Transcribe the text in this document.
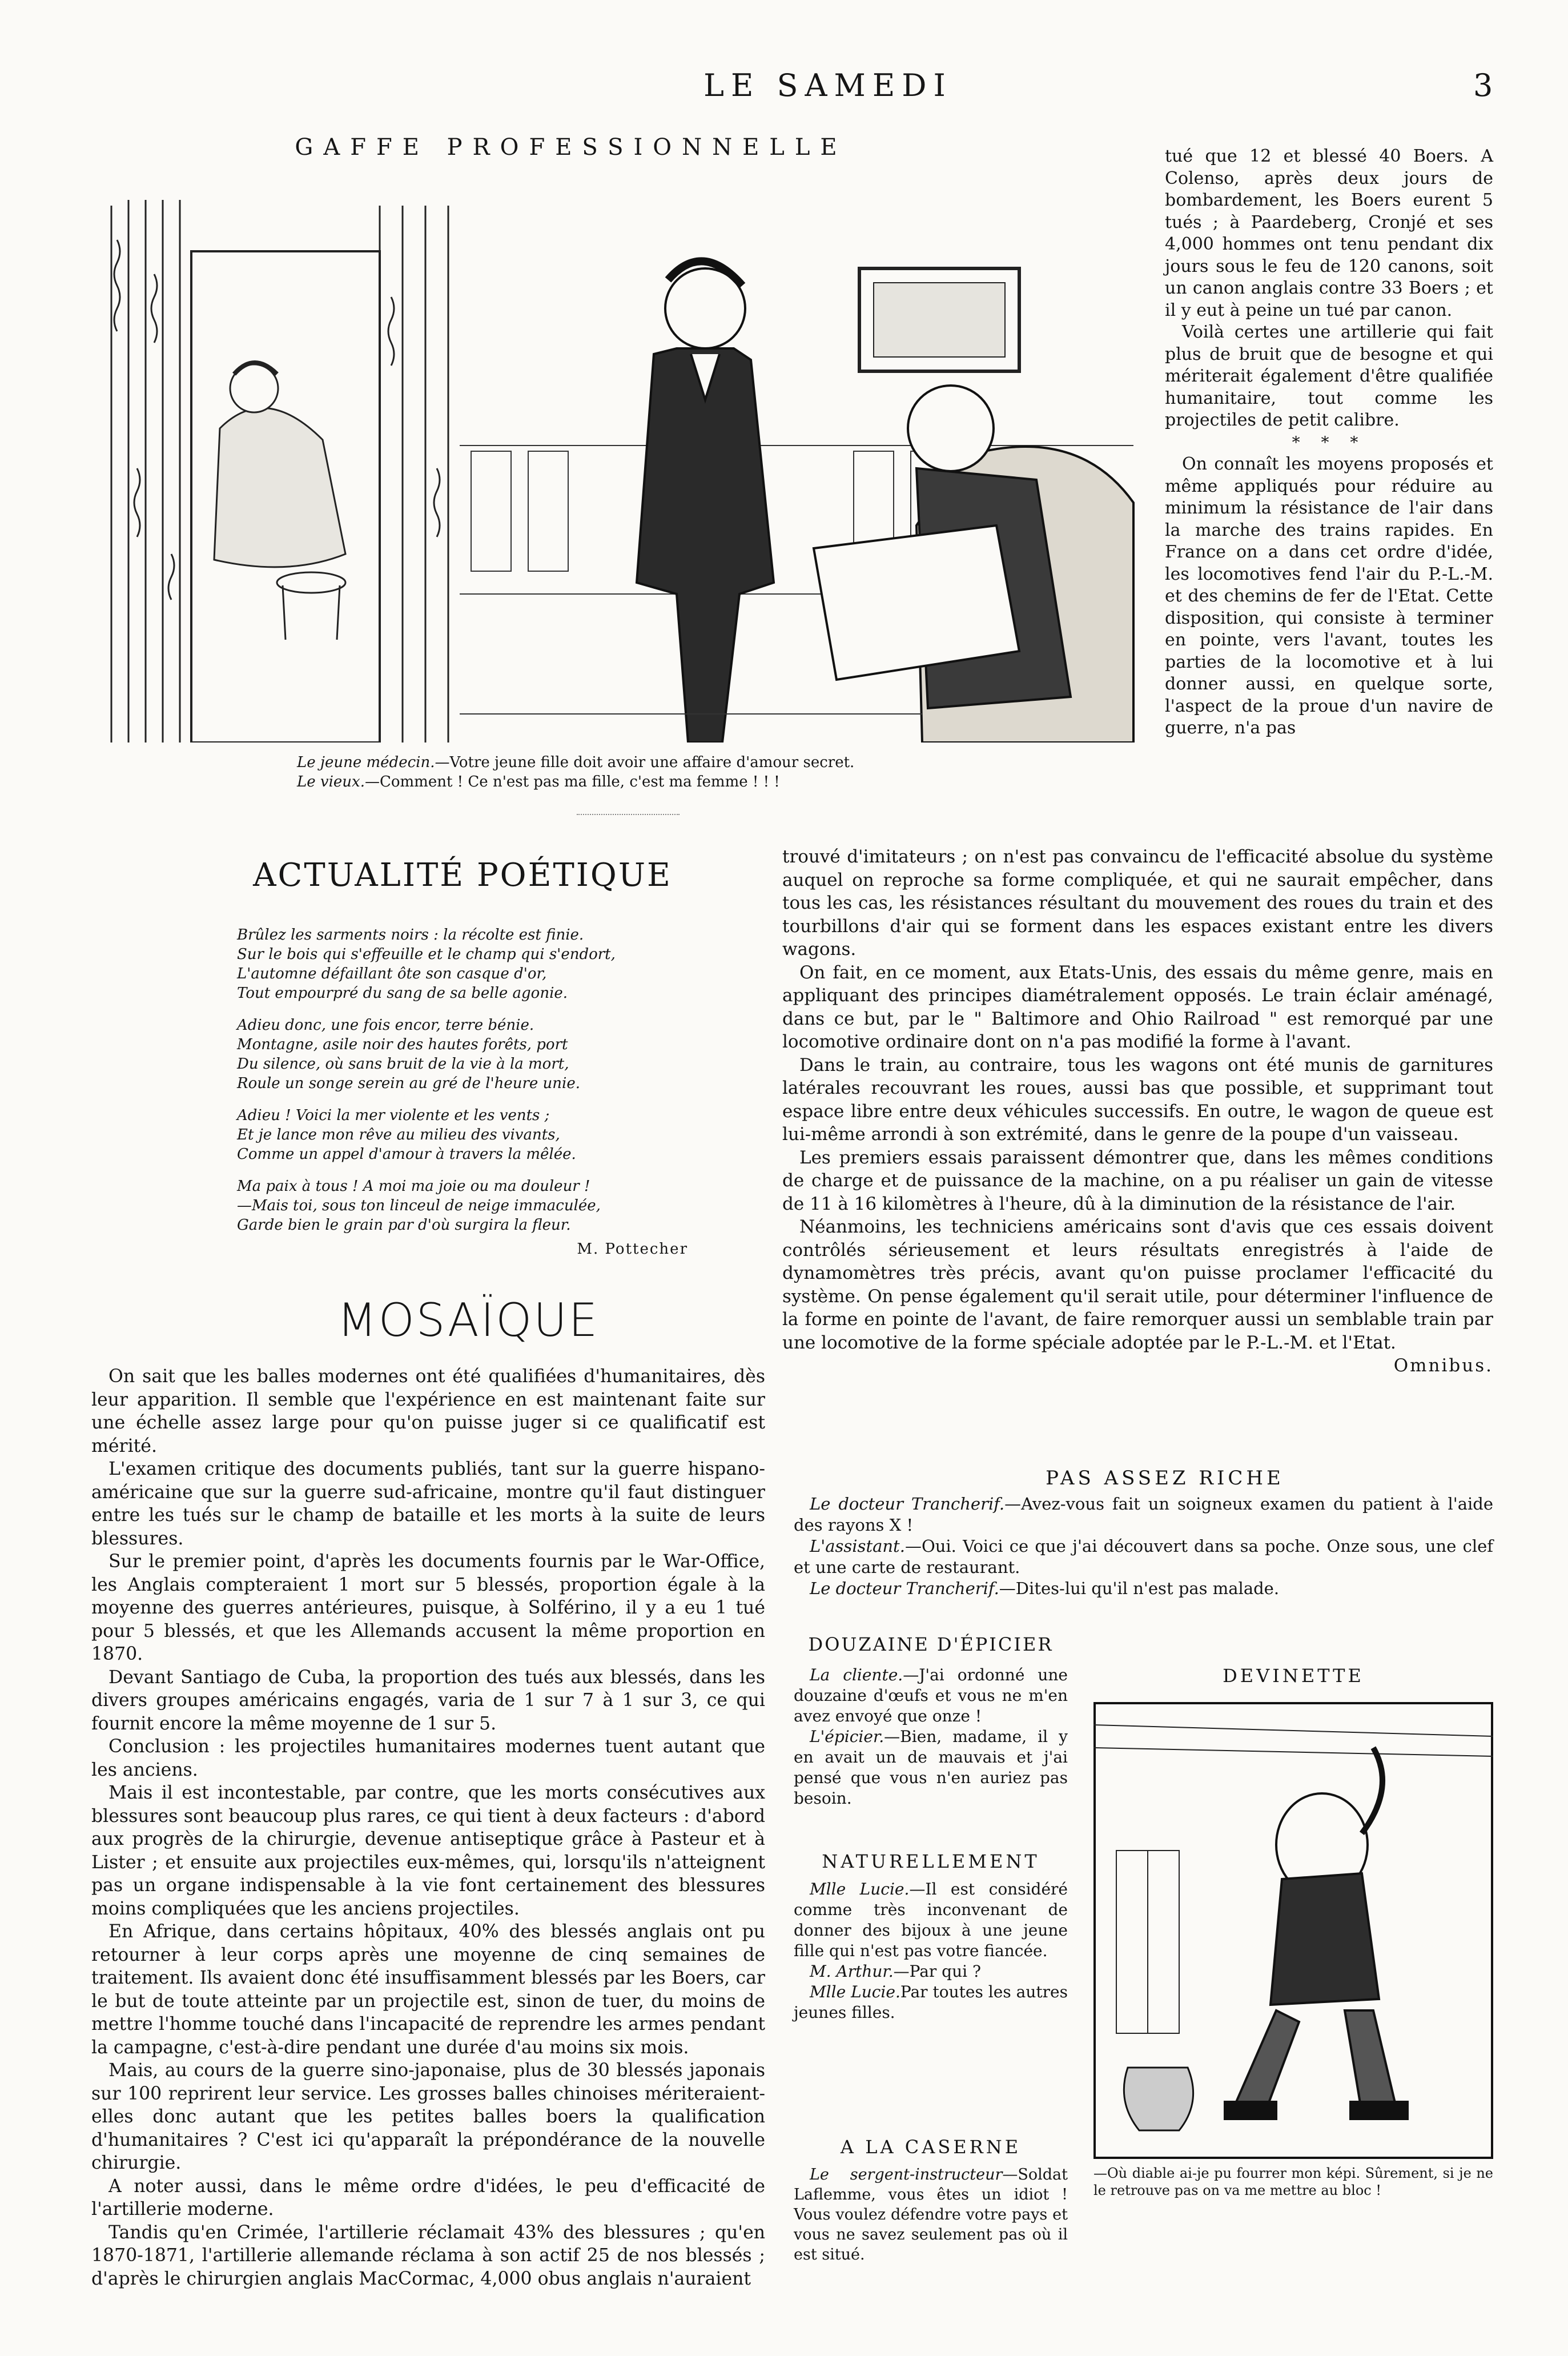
LE SAMEDI	3
GAFFE PROFESSIONNELLE
Le jeune médecin.—Votre jeune fille doit avoir une affaire d'amour secret.
Le vieux.—Comment ! Ce n'est pas ma fille, c'est ma femme ! ! !

tué que 12 et blessé 40 Boers. A Colenso, après deux jours de bombardement, les Boers eurent 5 tués ; à Paardeberg, Cronjé et ses 4,000 hommes ont tenu pendant dix jours sous le feu de 120 canons, soit un canon anglais contre 33 Boers ; et il y eut à peine un tué par canon.

Voilà certes une artillerie qui fait plus de bruit que de besogne et qui mériterait également d'être qualifiée humanitaire, tout comme les projectiles de petit calibre.

* * *

On connaît les moyens proposés et même appliqués pour réduire au minimum la résistance de l'air dans la marche des trains rapides. En France on a dans cet ordre d'idée, les locomotives fend l'air du P.-L.-M. et des chemins de fer de l'Etat. Cette disposition, qui consiste à terminer en pointe, vers l'avant, toutes les parties de la locomotive et à lui donner aussi, en quelque sorte, l'aspect de la proue d'un navire de guerre, n'a pas

trouvé d'imitateurs ; on n'est pas convaincu de l'efficacité absolue du système auquel on reproche sa forme compliquée, et qui ne saurait empêcher, dans tous les cas, les résistances résultant du mouvement des roues du train et des tourbillons d'air qui se forment dans les espaces existant entre les divers wagons.

On fait, en ce moment, aux Etats-Unis, des essais du même genre, mais en appliquant des principes diamétralement opposés. Le train éclair aménagé, dans ce but, par le " Baltimore and Ohio Railroad " est remorqué par une locomotive ordinaire dont on n'a pas modifié la forme à l'avant.

Dans le train, au contraire, tous les wagons ont été munis de garnitures latérales recouvrant les roues, aussi bas que possible, et supprimant tout espace libre entre deux véhicules successifs. En outre, le wagon de queue est lui-même arrondi à son extrémité, dans le genre de la poupe d'un vaisseau.

Les premiers essais paraissent démontrer que, dans les mêmes conditions de charge et de puissance de la machine, on a pu réaliser un gain de vitesse de 11 à 16 kilomètres à l'heure, dû à la diminution de la résistance de l'air.

Néanmoins, les techniciens américains sont d'avis que ces essais doivent contrôlés sérieusement et leurs résultats enregistrés à l'aide de dynamomètres très précis, avant qu'on puisse proclamer l'efficacité du système. On pense également qu'il serait utile, pour déterminer l'influence de la forme en pointe de l'avant, de faire remorquer aussi un semblable train par une locomotive de la forme spéciale adoptée par le P.-L.-M. et l'Etat.

Omnibus.
ACTUALITÉ POÉTIQUE
Brûlez les sarments noirs : la récolte est finie.
Sur le bois qui s'effeuille et le champ qui s'endort,
L'automne défaillant ôte son casque d'or,
Tout empourpré du sang de sa belle agonie.
Adieu donc, une fois encor, terre bénie.
Montagne, asile noir des hautes forêts, port
Du silence, où sans bruit de la vie à la mort,
Roule un songe serein au gré de l'heure unie.
Adieu ! Voici la mer violente et les vents ;
Et je lance mon rêve au milieu des vivants,
Comme un appel d'amour à travers la mêlée.
Ma paix à tous ! A moi ma joie ou ma douleur !
—Mais toi, sous ton linceul de neige immaculée,
Garde bien le grain par d'où surgira la fleur.
M. Pottecher
MOSAÏQUE

On sait que les balles modernes ont été qualifiées d'humanitaires, dès leur apparition. Il semble que l'expérience en est maintenant faite sur une échelle assez large pour qu'on puisse juger si ce qualificatif est mérité.

L'examen critique des documents publiés, tant sur la guerre hispano-américaine que sur la guerre sud-africaine, montre qu'il faut distinguer entre les tués sur le champ de bataille et les morts à la suite de leurs blessures.

Sur le premier point, d'après les documents fournis par le War-Office, les Anglais compteraient 1 mort sur 5 blessés, proportion égale à la moyenne des guerres antérieures, puisque, à Solférino, il y a eu 1 tué pour 5 blessés, et que les Allemands accusent la même proportion en 1870.

Devant Santiago de Cuba, la proportion des tués aux blessés, dans les divers groupes américains engagés, varia de 1 sur 7 à 1 sur 3, ce qui fournit encore la même moyenne de 1 sur 5.

Conclusion : les projectiles humanitaires modernes tuent autant que les anciens.

Mais il est incontestable, par contre, que les morts consécutives aux blessures sont beaucoup plus rares, ce qui tient à deux facteurs : d'abord aux progrès de la chirurgie, devenue antiseptique grâce à Pasteur et à Lister ; et ensuite aux projectiles eux-mêmes, qui, lorsqu'ils n'atteignent pas un organe indispensable à la vie font certainement des blessures moins compliquées que les anciens projectiles.

En Afrique, dans certains hôpitaux, 40% des blessés anglais ont pu retourner à leur corps après une moyenne de cinq semaines de traitement. Ils avaient donc été insuffisamment blessés par les Boers, car le but de toute atteinte par un projectile est, sinon de tuer, du moins de mettre l'homme touché dans l'incapacité de reprendre les armes pendant la campagne, c'est-à-dire pendant une durée d'au moins six mois.

Mais, au cours de la guerre sino-japonaise, plus de 30 blessés japonais sur 100 reprirent leur service. Les grosses balles chinoises mériteraient-elles donc autant que les petites balles boers la qualification d'humanitaires ? C'est ici qu'apparaît la prépondérance de la nouvelle chirurgie.

A noter aussi, dans le même ordre d'idées, le peu d'efficacité de l'artillerie moderne.

Tandis qu'en Crimée, l'artillerie réclamait 43% des blessures ; qu'en 1870-1871, l'artillerie allemande réclama à son actif 25 de nos blessés ; d'après le chirurgien anglais MacCormac, 4,000 obus anglais n'auraient

PAS ASSEZ RICHE

Le docteur Trancherif.—Avez-vous fait un soigneux examen du patient à l'aide des rayons X !

L'assistant.—Oui. Voici ce que j'ai découvert dans sa poche. Onze sous, une clef et une carte de restaurant.

Le docteur Trancherif.—Dites-lui qu'il n'est pas malade.

DOUZAINE D'ÉPICIER

La cliente.—J'ai ordonné une douzaine d'œufs et vous ne m'en avez envoyé que onze !

L'épicier.—Bien, madame, il y en avait un de mauvais et j'ai pensé que vous n'en auriez pas besoin.

NATURELLEMENT

Mlle Lucie.—Il est considéré comme très inconvenant de donner des bijoux à une jeune fille qui n'est pas votre fiancée.

M. Arthur.—Par qui ?

Mlle Lucie.Par toutes les autres jeunes filles.

A LA CASERNE

Le sergent-instructeur—Soldat Laflemme, vous êtes un idiot ! Vous voulez défendre votre pays et vous ne savez seulement pas où il est situé.

DEVINETTE
—Où diable ai-je pu fourrer mon képi. Sûrement, si je ne le retrouve pas on va me mettre au bloc !
